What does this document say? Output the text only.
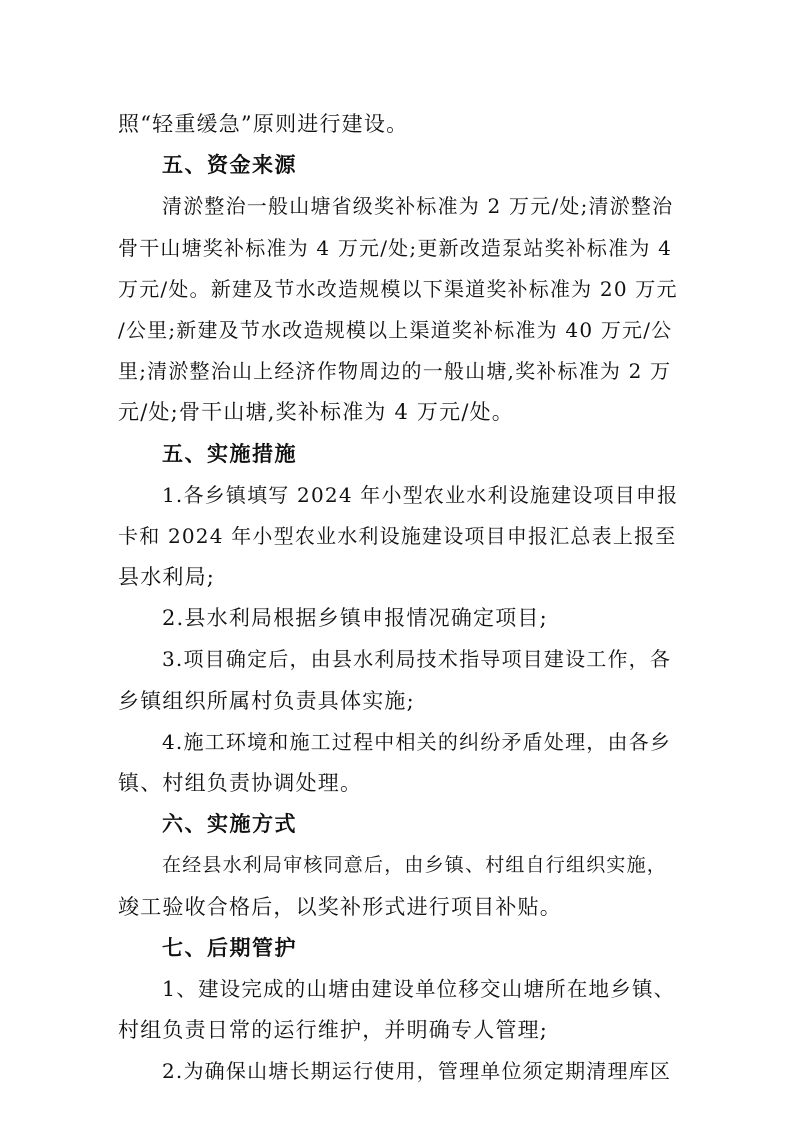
照“轻重缓急”原则进行建设。
五、资金来源
清淤整治一般山塘省级奖补标准为 2 万元/处;清淤整治
骨干山塘奖补标准为 4 万元/处;更新改造泵站奖补标准为 4
万元/处。新建及节水改造规模以下渠道奖补标准为 20 万元
/公里;新建及节水改造规模以上渠道奖补标准为 40 万元/公
里;清淤整治山上经济作物周边的一般山塘,奖补标准为 2 万
元/处;骨干山塘,奖补标准为 4 万元/处。
五、实施措施
1.各乡镇填写 2024 年小型农业水利设施建设项目申报
卡和 2024 年小型农业水利设施建设项目申报汇总表上报至
县水利局;
2.县水利局根据乡镇申报情况确定项目;
3.项目确定后，由县水利局技术指导项目建设工作，各
乡镇组织所属村负责具体实施;
4.施工环境和施工过程中相关的纠纷矛盾处理，由各乡
镇、村组负责协调处理。
六、实施方式
在经县水利局审核同意后，由乡镇、村组自行组织实施，
竣工验收合格后，以奖补形式进行项目补贴。
七、后期管护
1、建设完成的山塘由建设单位移交山塘所在地乡镇、
村组负责日常的运行维护，并明确专人管理;
2.为确保山塘长期运行使用，管理单位须定期清理库区
